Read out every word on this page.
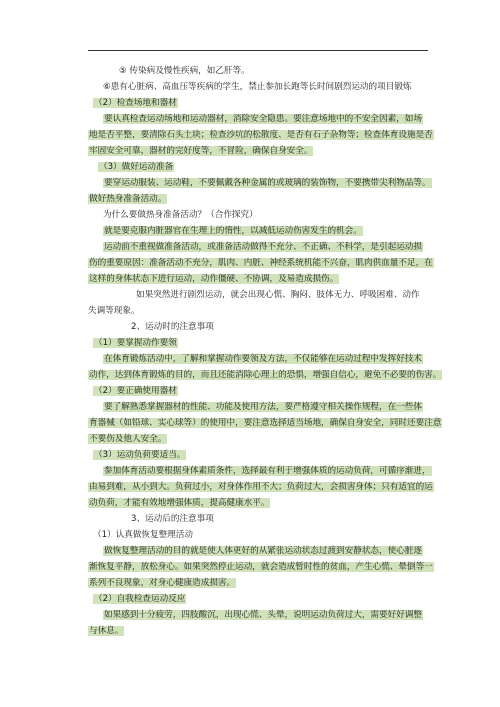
⑤ 传染病及慢性疾病，如乙肝等。
⑥患有心脏病、高血压等疾病的学生，禁止参加长跑等长时间剧烈运动的项目锻炼
（2）检查场地和器材
要认真检查运动场地和运动器材，消除安全隐患。要注意场地中的不安全因素，如场
地是否平整，要清除石头土块；检查沙坑的松散度、是否有石子杂物等；检查体育设施是否
牢固安全可靠，器材的完好度等，不冒险，确保自身安全。
（3）做好运动准备
要穿运动服装、运动鞋，不要佩戴各种金属的或玻璃的装饰物，不要携带尖利物品等。
做好热身准备活动。
为什么要做热身准备活动？（合作探究）
就是要克服内脏器官在生理上的惰性，以减低运动伤害发生的机会。
运动前不重视做准备活动，或准备活动做得不充分、不正确、不科学，是引起运动损
伤的重要原因：准备活动不充分，肌肉、内脏、神经系统机能不兴奋，肌肉供血量不足，在
这样的身体状态下进行运动，动作僵硬、不协调，及易造成损伤。
如果突然进行剧烈运动，就会出现心慌、胸闷、肢体无力、呼吸困难、动作
失调等现象。
2、运动时的注意事项
（1）要掌握动作要领
在体育锻炼活动中，了解和掌握动作要领及方法，不仅能够在运动过程中发挥好技术
动作，达到体育锻炼的目的，而且还能消除心理上的恐惧，增强自信心，避免不必要的伤害。
（2）要正确使用器材
要了解熟悉掌握器材的性能、功能及使用方法，要严格遵守相关操作规程，在一些体
育器械（如铅球、实心球等）的使用中，要注意选择适当场地，确保自身安全，同时还要注意
不要伤及他人安全。
（3）运动负荷要适当。
参加体育活动要根据身体素质条件，选择最有利于增强体质的运动负荷，可循序渐进，
由易到难，从小到大。负荷过小，对身体作用不大；负荷过大，会损害身体；只有适宜的运
动负荷，才能有效地增强体质，提高健康水平。
3、运动后的注意事项
（1）认真做恢复整理活动
做恢复整理活动的目的就是使人体更好的从紧张运动状态过渡到安静状态，使心脏逐
渐恢复平静，放松身心。如果突然停止运动，就会造成暂时性的贫血，产生心慌、晕倒等一
系列不良现象，对身心健康造成损害。
（2）自我检查运动反应
如果感到十分疲劳，四肢酸沉，出现心慌、头晕，说明运动负荷过大，需要好好调整
与休息。
